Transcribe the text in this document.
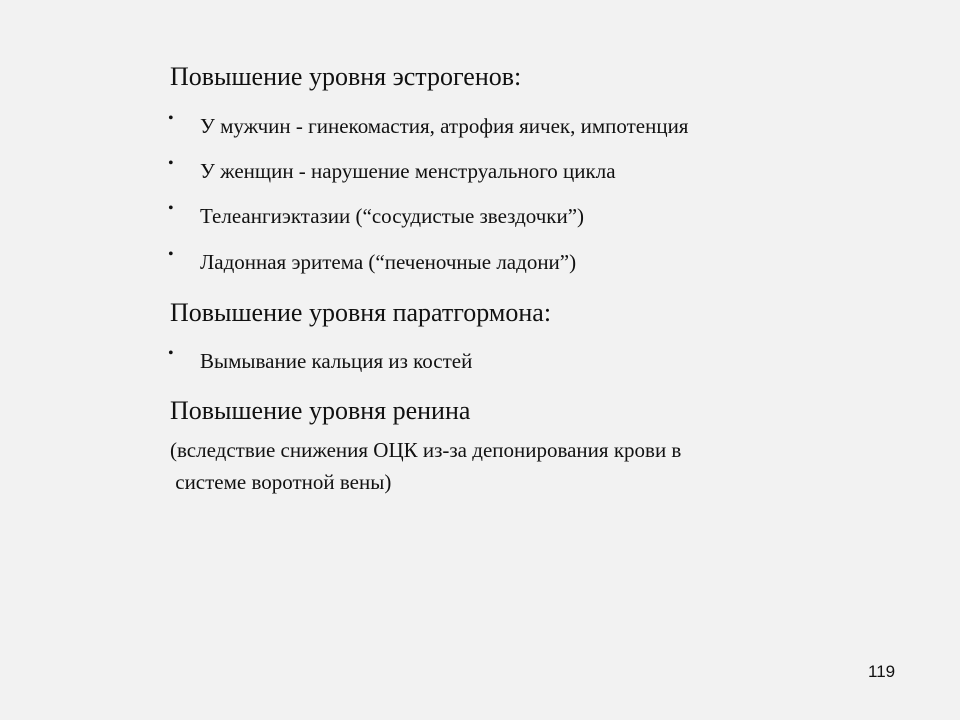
Повышение уровня эстрогенов:
• У мужчин - гинекомастия, атрофия яичек, импотенция
• У женщин - нарушение менструального цикла
• Телеангиэктазии (“сосудистые звездочки”)
• Ладонная эритема (“печеночные ладони”)
Повышение уровня паратгормона:
• Вымывание кальция из костей
Повышение уровня ренина
(вследствие снижения ОЦК из-за депонирования крови в
системе воротной вены)
119
